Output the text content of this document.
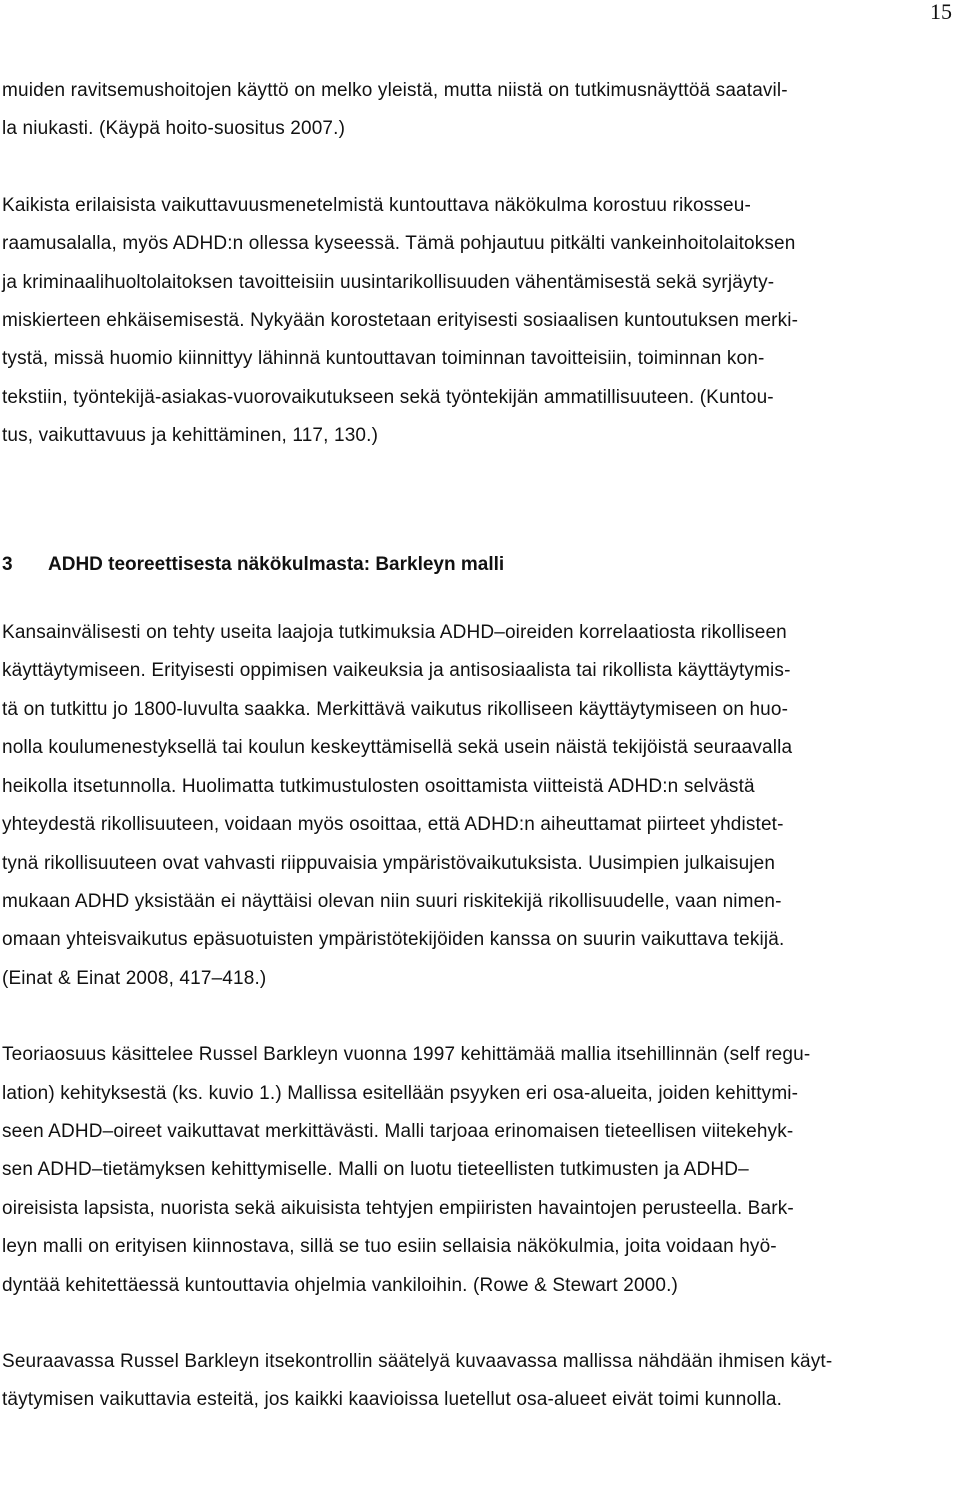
15

muiden ravitsemushoitojen käyttö on melko yleistä, mutta niistä on tutkimusnäyttöä saatavil-
la niukasti. (Käypä hoito-suositus 2007.)

Kaikista erilaisista vaikuttavuusmenetelmistä kuntouttava näkökulma korostuu rikosseu-
raamusalalla, myös ADHD:n ollessa kyseessä. Tämä pohjautuu pitkälti vankeinhoitolaitoksen
ja kriminaalihuoltolaitoksen tavoitteisiin uusintarikollisuuden vähentämisestä sekä syrjäyty-
miskierteen ehkäisemisestä. Nykyään korostetaan erityisesti sosiaalisen kuntoutuksen merki-
tystä, missä huomio kiinnittyy lähinnä kuntouttavan toiminnan tavoitteisiin, toiminnan kon-
tekstiin, työntekijä-asiakas-vuorovaikutukseen sekä työntekijän ammatillisuuteen. (Kuntou-
tus, vaikuttavuus ja kehittäminen, 117, 130.)

3	ADHD teoreettisesta näkökulmasta: Barkleyn malli

Kansainvälisesti on tehty useita laajoja tutkimuksia ADHD–oireiden korrelaatiosta rikolliseen
käyttäytymiseen. Erityisesti oppimisen vaikeuksia ja antisosiaalista tai rikollista käyttäytymis-
tä on tutkittu jo 1800-luvulta saakka. Merkittävä vaikutus rikolliseen käyttäytymiseen on huo-
nolla koulumenestyksellä tai koulun keskeyttämisellä sekä usein näistä tekijöistä seuraavalla
heikolla itsetunnolla. Huolimatta tutkimustulosten osoittamista viitteistä ADHD:n selvästä
yhteydestä rikollisuuteen, voidaan myös osoittaa, että ADHD:n aiheuttamat piirteet yhdistet-
tynä rikollisuuteen ovat vahvasti riippuvaisia ympäristövaikutuksista. Uusimpien julkaisujen
mukaan ADHD yksistään ei näyttäisi olevan niin suuri riskitekijä rikollisuudelle, vaan nimen-
omaan yhteisvaikutus epäsuotuisten ympäristötekijöiden kanssa on suurin vaikuttava tekijä.
(Einat & Einat 2008, 417–418.)

Teoriaosuus käsittelee Russel Barkleyn vuonna 1997 kehittämää mallia itsehillinnän (self regu-
lation) kehityksestä (ks. kuvio 1.) Mallissa esitellään psyyken eri osa-alueita, joiden kehittymi-
seen ADHD–oireet vaikuttavat merkittävästi. Malli tarjoaa erinomaisen tieteellisen viitekehyk-
sen ADHD–tietämyksen kehittymiselle. Malli on luotu tieteellisten tutkimusten ja ADHD–
oireisista lapsista, nuorista sekä aikuisista tehtyjen empiiristen havaintojen perusteella. Bark-
leyn malli on erityisen kiinnostava, sillä se tuo esiin sellaisia näkökulmia, joita voidaan hyö-
dyntää kehitettäessä kuntouttavia ohjelmia vankiloihin. (Rowe & Stewart 2000.)

Seuraavassa Russel Barkleyn itsekontrollin säätelyä kuvaavassa mallissa nähdään ihmisen käyt-
täytymisen vaikuttavia esteitä, jos kaikki kaavioissa luetellut osa-alueet eivät toimi kunnolla.
